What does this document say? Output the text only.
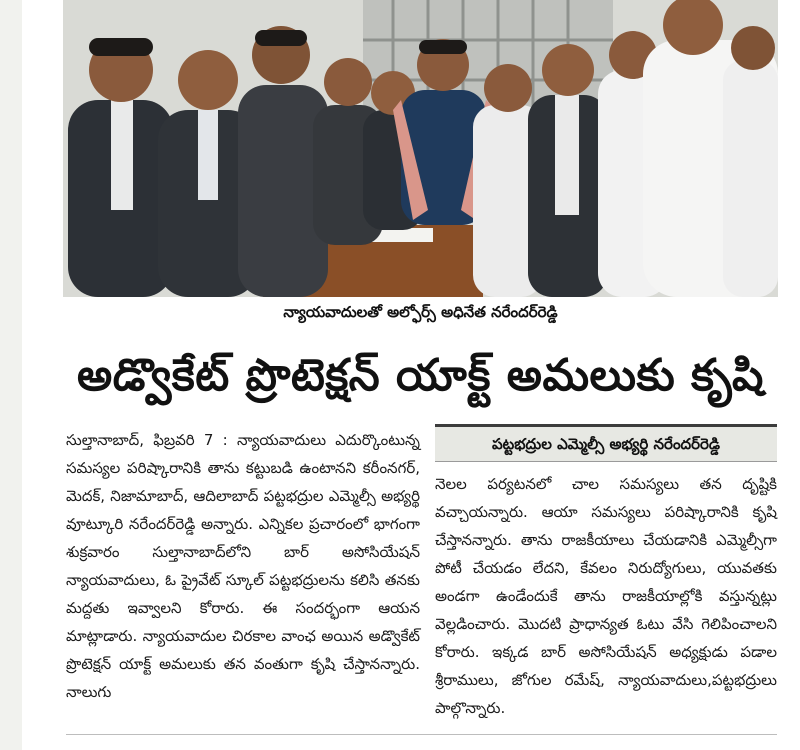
న్యాయవాదులతో అల్ఫోర్స్ అధినేత నరేందర్‌రెడ్డి
అడ్వొకేట్ ప్రొటెక్షన్ యాక్ట్ అమలుకు కృషి

సుల్తానాబాద్, ఫిబ్రవరి 7 : న్యాయవాదులు ఎదుర్కొంటున్న సమస్యల పరిష్కారానికి తాను కట్టుబడి ఉంటానని కరీంనగర్, మెదక్, నిజామాబాద్, ఆదిలాబాద్ పట్టభద్రుల ఎమ్మెల్సీ అభ్యర్థి వూట్కూరి నరేందర్‌రెడ్డి అన్నారు. ఎన్నికల ప్రచారంలో భాగంగా శుక్రవారం సుల్తానాబాద్‌లోని బార్ అసోసియేషన్ న్యాయవాదులు, ఓ ప్రైవేట్ స్కూల్ పట్టభద్రులను కలిసి తనకు మద్దతు ఇవ్వాలని కోరారు. ఈ సందర్భంగా ఆయన మాట్లాడారు. న్యాయవాదుల చిరకాల వాంఛ అయిన అడ్వొకేట్ ప్రొటెక్షన్ యాక్ట్ అమలుకు తన వంతుగా కృషి చేస్తానన్నారు. నాలుగు

పట్టభద్రుల ఎమ్మెల్సీ అభ్యర్థి నరేందర్‌రెడ్డి

నెలల పర్యటనలో చాల సమస్యలు తన దృష్టికి వచ్చాయన్నారు. ఆయా సమస్యలు పరిష్కారానికి కృషి చేస్తానన్నారు. తాను రాజకీయాలు చేయడానికి ఎమ్మెల్సీగా పోటీ చేయడం లేదని, కేవలం నిరుద్యోగులు, యువతకు అండగా ఉండేందుకే తాను రాజకీయాల్లోకి వస్తున్నట్లు వెల్లడించారు. మొదటి ప్రాధాన్యత ఓటు వేసి గెలిపించాలని కోరారు. ఇక్కడ బార్ అసోసియేషన్ అధ్యక్షుడు పడాల శ్రీరాములు, జోగుల రమేష్, న్యాయవాదులు,పట్టభద్రులు పాల్గొన్నారు.
